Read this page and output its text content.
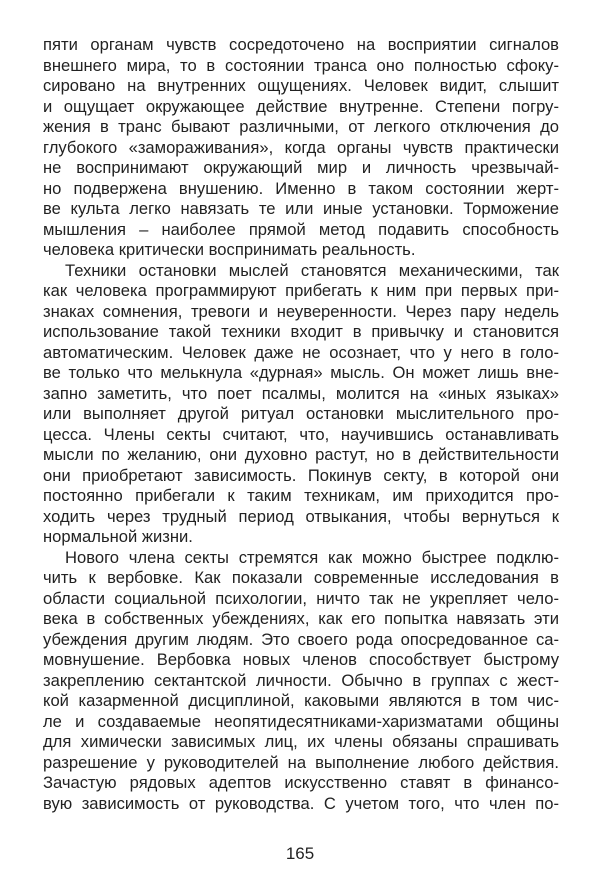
пяти органам чувств сосредоточено на восприятии сигналов
внешнего мира, то в состоянии транса оно полностью сфоку-
сировано на внутренних ощущениях. Человек видит, слышит
и ощущает окружающее действие внутренне. Степени погру-
жения в транс бывают различными, от легкого отключения до
глубокого «замораживания», когда органы чувств практически
не воспринимают окружающий мир и личность чрезвычай-
но подвержена внушению. Именно в таком состоянии жерт-
ве культа легко навязать те или иные установки. Торможение
мышления – наиболее прямой метод подавить способность
человека критически воспринимать реальность.
Техники остановки мыслей становятся механическими, так
как человека программируют прибегать к ним при первых при-
знаках сомнения, тревоги и неуверенности. Через пару недель
использование такой техники входит в привычку и становится
автоматическим. Человек даже не осознает, что у него в голо-
ве только что мелькнула «дурная» мысль. Он может лишь вне-
запно заметить, что поет псалмы, молится на «иных языках»
или выполняет другой ритуал остановки мыслительного про-
цесса. Члены секты считают, что, научившись останавливать
мысли по желанию, они духовно растут, но в действительности
они приобретают зависимость. Покинув секту, в которой они
постоянно прибегали к таким техникам, им приходится про-
ходить через трудный период отвыкания, чтобы вернуться к
нормальной жизни.
Нового члена секты стремятся как можно быстрее подклю-
чить к вербовке. Как показали современные исследования в
области социальной психологии, ничто так не укрепляет чело-
века в собственных убеждениях, как его попытка навязать эти
убеждения другим людям. Это своего рода опосредованное са-
мовнушение. Вербовка новых членов способствует быстрому
закреплению сектантской личности. Обычно в группах с жест-
кой казарменной дисциплиной, каковыми являются в том чис-
ле и создаваемые неопятидесятниками-харизматами общины
для химически зависимых лиц, их члены обязаны спрашивать
разрешение у руководителей на выполнение любого действия.
Зачастую рядовых адептов искусственно ставят в финансо-
вую зависимость от руководства. С учетом того, что член по-
165
